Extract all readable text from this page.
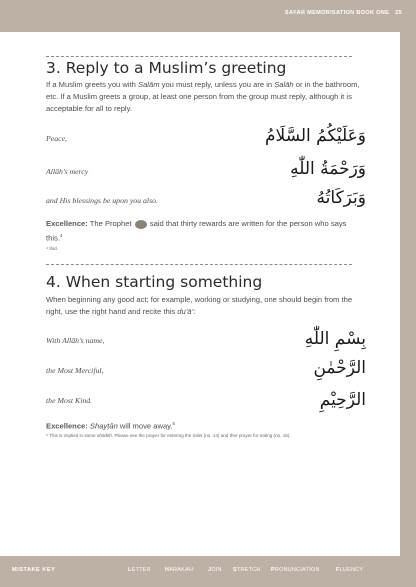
SAFAR MEMORISATION BOOK ONE 25
3. Reply to a Muslim’s greeting
If a Muslim greets you with Salām you must reply, unless you are in Ṣalāh or in the bathroom, etc. If a Muslim greets a group, at least one person from the group must reply, although it is acceptable for all to reply.
Peace,	وَعَلَيْكُمُ السَّلَامُ
Allāh’s mercy	وَرَحْمَةُ اللّٰهِ
and His blessings be upon you also.	وَبَرَكَاتُهُ
Excellence: The Prophet  said that thirty rewards are written for the person who says this.$^4$
⁴ Ibid.
4. When starting something
When beginning any good act; for example, working or studying, one should begin from the right, use the right hand and recite this du’ā’:
With Allāh’s name,	بِسْمِ اللّٰهِ
the Most Merciful,	الرَّحْمٰنِ
the Most Kind.	الرَّحِيْمِ
Excellence: Shayṭān will move away.$^5$
⁵ This is implied in some aḥādīth. Please see the prayer for entering the toilet (no. 14) and ther prayer for eating (no. 16).
MISTAKE KEY	LETTER	HARAKAH	JOIN STRETCH PRONUNCIATION	FLUENCY
